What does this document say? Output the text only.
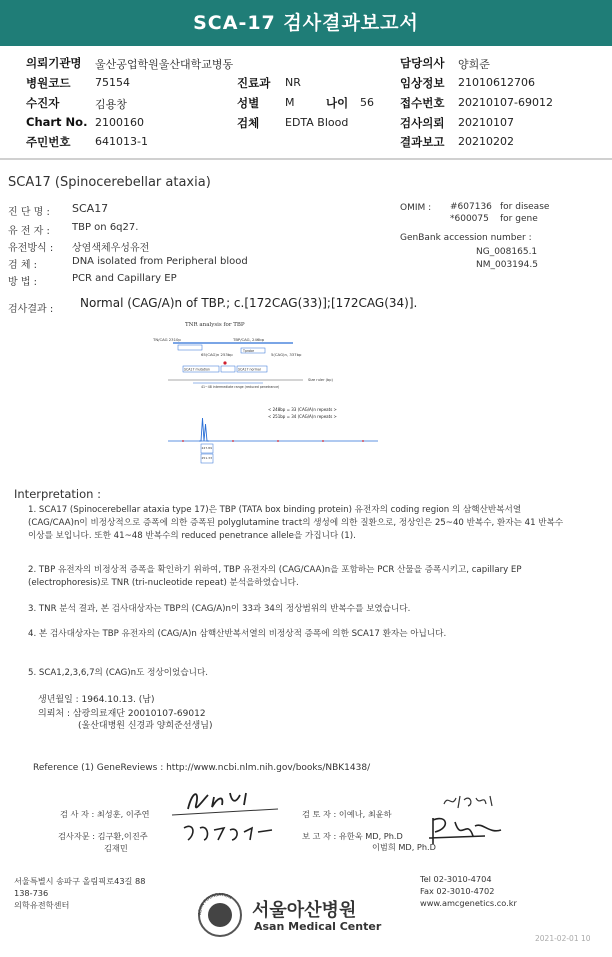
SCA-17 검사결과보고서
의뢰기관명 울산공업학원울산대학교병동
병원코드 75154
수진자	김용창
Chart No. 2100160
주민번호 641013-1
진료과 NR
성별 M	나이 56
검체 EDTA Blood
담당의사 양희준
임상정보 21010612706
접수번호 20210107-69012
검사의뢰 20210107
결과보고 20210202
SCA17 (Spinocerebellar ataxia)
진 단 명 : SCA17
유 전 자 : TBP on 6q27.
유전방식 : 상염색체우성유전
검 체 :	DNA isolated from Peripheral blood
방 법 :	PCR and Capillary EP
OMIM : #607136 for disease
*600075 for gene
GenBank accession number :
NG_008165.1
NM_003194.5
검사결과 : Normal (CAG/A)n of TBP.; c.[172CAG(33)];[172CAG(34)].
TNR analysis for TBP
TN/CAG 2310p	TBP/CAG, 246bp
Tprobe
65(CAG)n 253bp	5(CAG)n, 337bp
SCA17 mutation	SCA17 normal
Size ruler (bp)
41~48 intermediate range (reduced penetrance)
< 248bp = 33 (CAG/A)n repeats >
< 251bp = 34 (CAG/A)n repeats >
247.89
251.33
Interpretation :
1. SCA17 (Spinocerebellar ataxia type 17)은 TBP (TATA box binding protein) 유전자의 coding region 의 삼핵산반복서열 (CAG/CAA)n이 비정상적으로 증폭에 의한 증폭된 polyglutamine tract의 생성에 의한 질환으로, 정상인은 25~40 반복수, 환자는 41 반복수 이상를 보입니다. 또한 41~48 반복수의 reduced penetrance allele을 가집니다 (1).
2. TBP 유전자의 비정상적 증폭을 확인하기 위하여, TBP 유전자의 (CAG/CAA)n을 포함하는 PCR 산물을 증폭시키고, capillary EP (electrophoresis)로 TNR (tri-nucleotide repeat) 분석을하였습니다.
3. TNR 분석 결과, 본 검사대상자는 TBP의 (CAG/A)n이 33과 34의 정상범위의 반복수를 보였습니다.
4. 본 검사대상자는 TBP 유전자의 (CAG/A)n 삼핵산반복서열의 비정상적 증폭에 의한 SCA17 환자는 아닙니다.
5. SCA1,2,3,6,7의 (CAG)n도 정상이었습니다.
생년월일 : 1964.10.13. (남)
의뢰처 : 삼광의료재단 20010107-69012
(울산대병원 신경과 양희준선생님)
Reference (1) GeneReviews : http://www.ncbi.nlm.nih.gov/books/NBK1438/
검 사 자 : 최성훈, 이주연
검사자문 : 김구환,이진주
김재민
검 토 자 : 이예나, 최윤하
보 고 자 : 유한욱 MD, Ph.D
이범희 MD, Ph.D
서울특별시 송파구 올림픽로43길 88
138-736
의학유전학센터
ASAN FOUNDATION
서울아산병원
Asan Medical Center
Tel 02-3010-4704
Fax 02-3010-4702
www.amcgenetics.co.kr
2021-02-01 10
